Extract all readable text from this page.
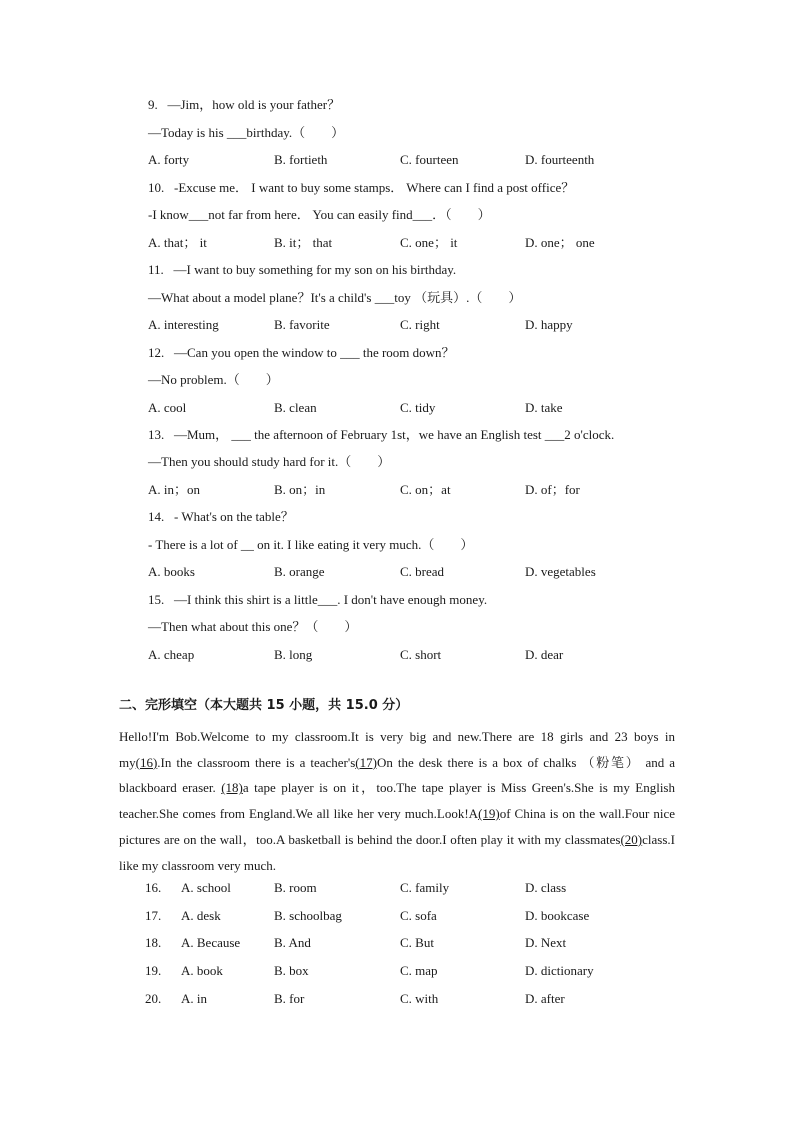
9. —Jim，how old is your father？
—Today is his ___birthday.（　　）
A. forty	B. fortieth	C. fourteen	D. fourteenth
10. -Excuse me． I want to buy some stamps． Where can I find a post office？
-I know___not far from here． You can easily find___．（　　）
A. that； it	B. it； that	C. one； it	D. one； one
11. —I want to buy something for my son on his birthday.
—What about a model plane？It's a child's ___toy （玩具）.（　　）
A. interesting	B. favorite	C. right	D. happy
12. —Can you open the window to ___ the room down？
—No problem.（　　）
A. cool	B. clean	C. tidy	D. take
13. —Mum， ___ the afternoon of February 1st，we have an English test ___2 o'clock.
—Then you should study hard for it.（　　）
A. in；on	B. on；in	C. on；at	D. of；for
14. - What's on the table？
- There is a lot of __ on it. I like eating it very much.（　　）
A. books	B. orange	C. bread	D. vegetables
15. —I think this shirt is a little___. I don't have enough money.
—Then what about this one？（　　）
A. cheap	B. long	C. short	D. dear
二、完形填空（本大题共 15 小题，共 15.0 分）
Hello!I'm Bob.Welcome to my classroom.It is very big and new.There are 18 girls and 23 boys in my(16).In the classroom there is a teacher's(17)On the desk there is a box of chalks （粉笔） and a blackboard eraser. (18)a tape player is on it，too.The tape player is Miss Green's.She is my English teacher.She comes from England.We all like her very much.Look!A(19)of China is on the wall.Four nice pictures are on the wall，too.A basketball is behind the door.I often play it with my classmates(20)class.I like my classroom very much.
16. A. school	B. room	C. family	D. class
17. A. desk	B. schoolbag	C. sofa	D. bookcase
18. A. Because	B. And	C. But	D. Next
19. A. book	B. box	C. map	D. dictionary
20. A. in	B. for	C. with	D. after
